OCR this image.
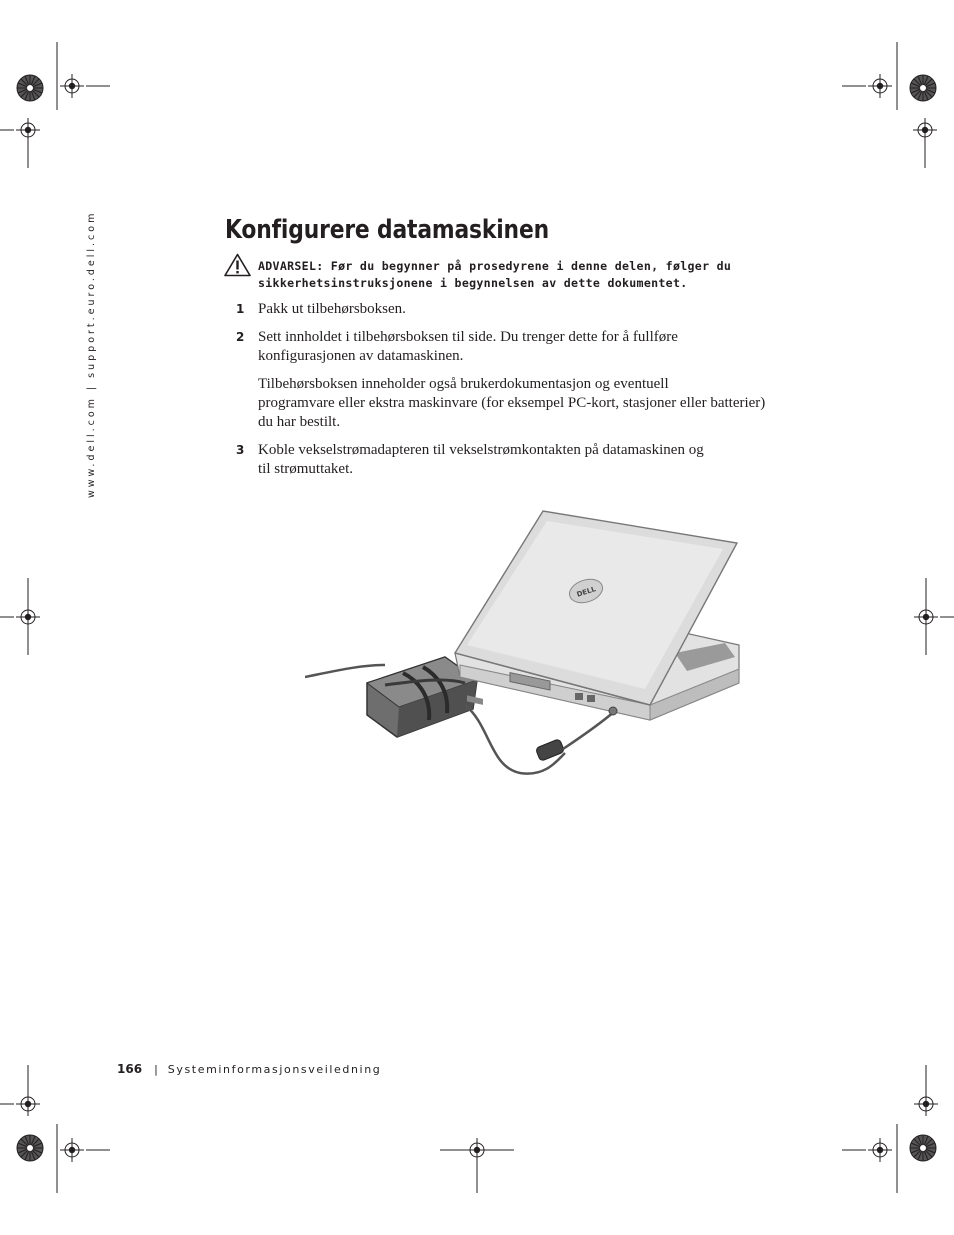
www.dell.com | support.euro.dell.com	Konfigurere datamaskinen
ADVARSEL: Før du begynner på prosedyrene i denne delen, følger du
sikkerhetsinstruksjonene i begynnelsen av dette dokumentet.
1 Pakk ut tilbehørsboksen.
2 Sett innholdet i tilbehørsboksen til side. Du trenger dette for å fullføre
konfigurasjonen av datamaskinen.
Tilbehørsboksen inneholder også brukerdokumentasjon og eventuell
programvare eller ekstra maskinvare (for eksempel PC-kort, stasjoner eller batterier)
du har bestilt.
3 Koble vekselstrømadapteren til vekselstrømkontakten på datamaskinen og
til strømuttaket.
DELL
166 | Systeminformasjonsveiledning
